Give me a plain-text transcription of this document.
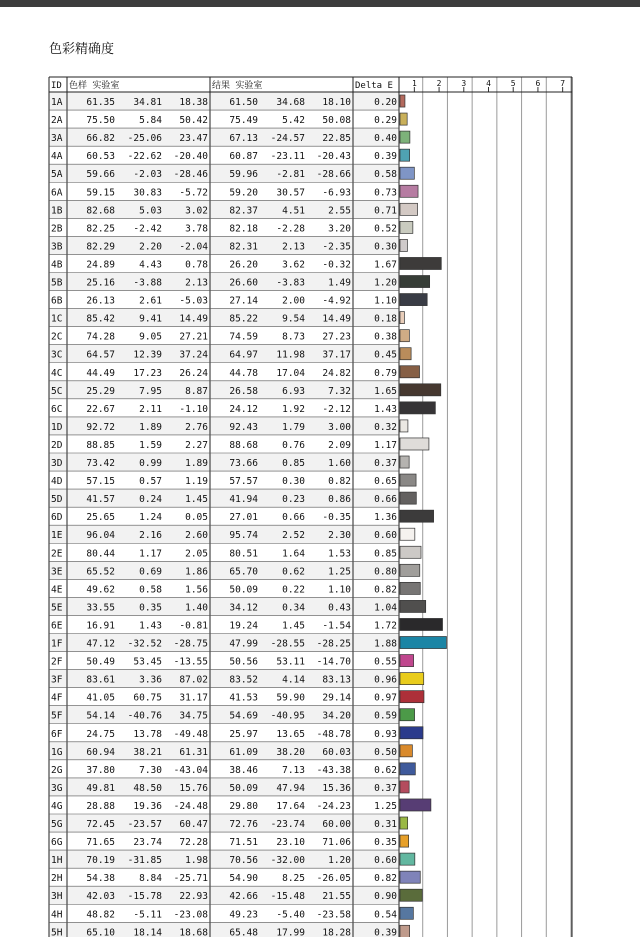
色彩精确度
1 2 3 4 5 6 7
ID 色样 实验室	结果 实验室	Delta E
1A	61.35 34.81 18.38 61.50 34.68 18.10 0.20
2A	75.50	5.84 50.42 75.49	5.42 50.08 0.29
3A	66.82 -25.06 23.47 67.13 -24.57 22.85 0.40
4A	60.53 -22.62 -20.40 60.87 -23.11 -20.43 0.39
5A	59.66 -2.03 -28.46 59.96 -2.81 -28.66 0.58
6A	59.15 30.83 -5.72 59.20 30.57 -6.93 0.73
1B	82.68	5.03 3.02 82.37	4.51 2.55 0.71
2B	82.25 -2.42 3.78 82.18 -2.28 3.20 0.52
3B	82.29	2.20 -2.04 82.31	2.13 -2.35 0.30
4B	24.89	4.43 0.78 26.20	3.62 -0.32 1.67
5B	25.16 -3.88 2.13 26.60 -3.83 1.49 1.20
6B	26.13	2.61 -5.03 27.14	2.00 -4.92 1.10
1C	85.42	9.41 14.49 85.22	9.54 14.49 0.18
2C	74.28	9.05 27.21 74.59	8.73 27.23 0.38
3C	64.57 12.39 37.24 64.97 11.98 37.17 0.45
4C	44.49 17.23 26.24 44.78 17.04 24.82 0.79
5C	25.29	7.95 8.87 26.58	6.93 7.32 1.65
6C	22.67	2.11 -1.10 24.12	1.92 -2.12 1.43
1D	92.72	1.89 2.76 92.43	1.79 3.00 0.32
2D	88.85	1.59 2.27 88.68	0.76 2.09 1.17
3D	73.42	0.99 1.89 73.66	0.85 1.60 0.37
4D	57.15	0.57 1.19 57.57	0.30 0.82 0.65
5D	41.57	0.24 1.45 41.94	0.23 0.86 0.66
6D	25.65	1.24 0.05 27.01	0.66 -0.35 1.36
1E	96.04	2.16 2.60 95.74	2.52 2.30 0.60
2E	80.44	1.17 2.05 80.51	1.64 1.53 0.85
3E	65.52	0.69 1.86 65.70	0.62 1.25 0.80
4E	49.62	0.58 1.56 50.09	0.22 1.10 0.82
5E	33.55	0.35 1.40 34.12	0.34 0.43 1.04
6E	16.91	1.43 -0.81 19.24	1.45 -1.54 1.72
1F	47.12 -32.52 -28.75 47.99 -28.55 -28.25 1.88
2F	50.49 53.45 -13.55 50.56 53.11 -14.70 0.55
3F	83.61	3.36 87.02 83.52	4.14 83.13 0.96
4F	41.05 60.75 31.17 41.53 59.90 29.14 0.97
5F	54.14 -40.76 34.75 54.69 -40.95 34.20 0.59
6F	24.75 13.78 -49.48 25.97 13.65 -48.78 0.93
1G	60.94 38.21 61.31 61.09 38.20 60.03 0.50
2G	37.80	7.30 -43.04 38.46	7.13 -43.38 0.62
3G	49.81 48.50 15.76 50.09 47.94 15.36 0.37
4G	28.88 19.36 -24.48 29.80 17.64 -24.23 1.25
5G	72.45 -23.57 60.47 72.76 -23.74 60.00 0.31
6G	71.65 23.74 72.28 71.51 23.10 71.06 0.35
1H	70.19 -31.85 1.98 70.56 -32.00 1.20 0.60
2H	54.38	8.84 -25.71 54.90	8.25 -26.05 0.82
3H	42.03 -15.78 22.93 42.66 -15.48 21.55 0.90
4H	48.82 -5.11 -23.08 49.23 -5.40 -23.58 0.54
5H	65.10 18.14 18.68 65.48 17.99 18.28 0.39
